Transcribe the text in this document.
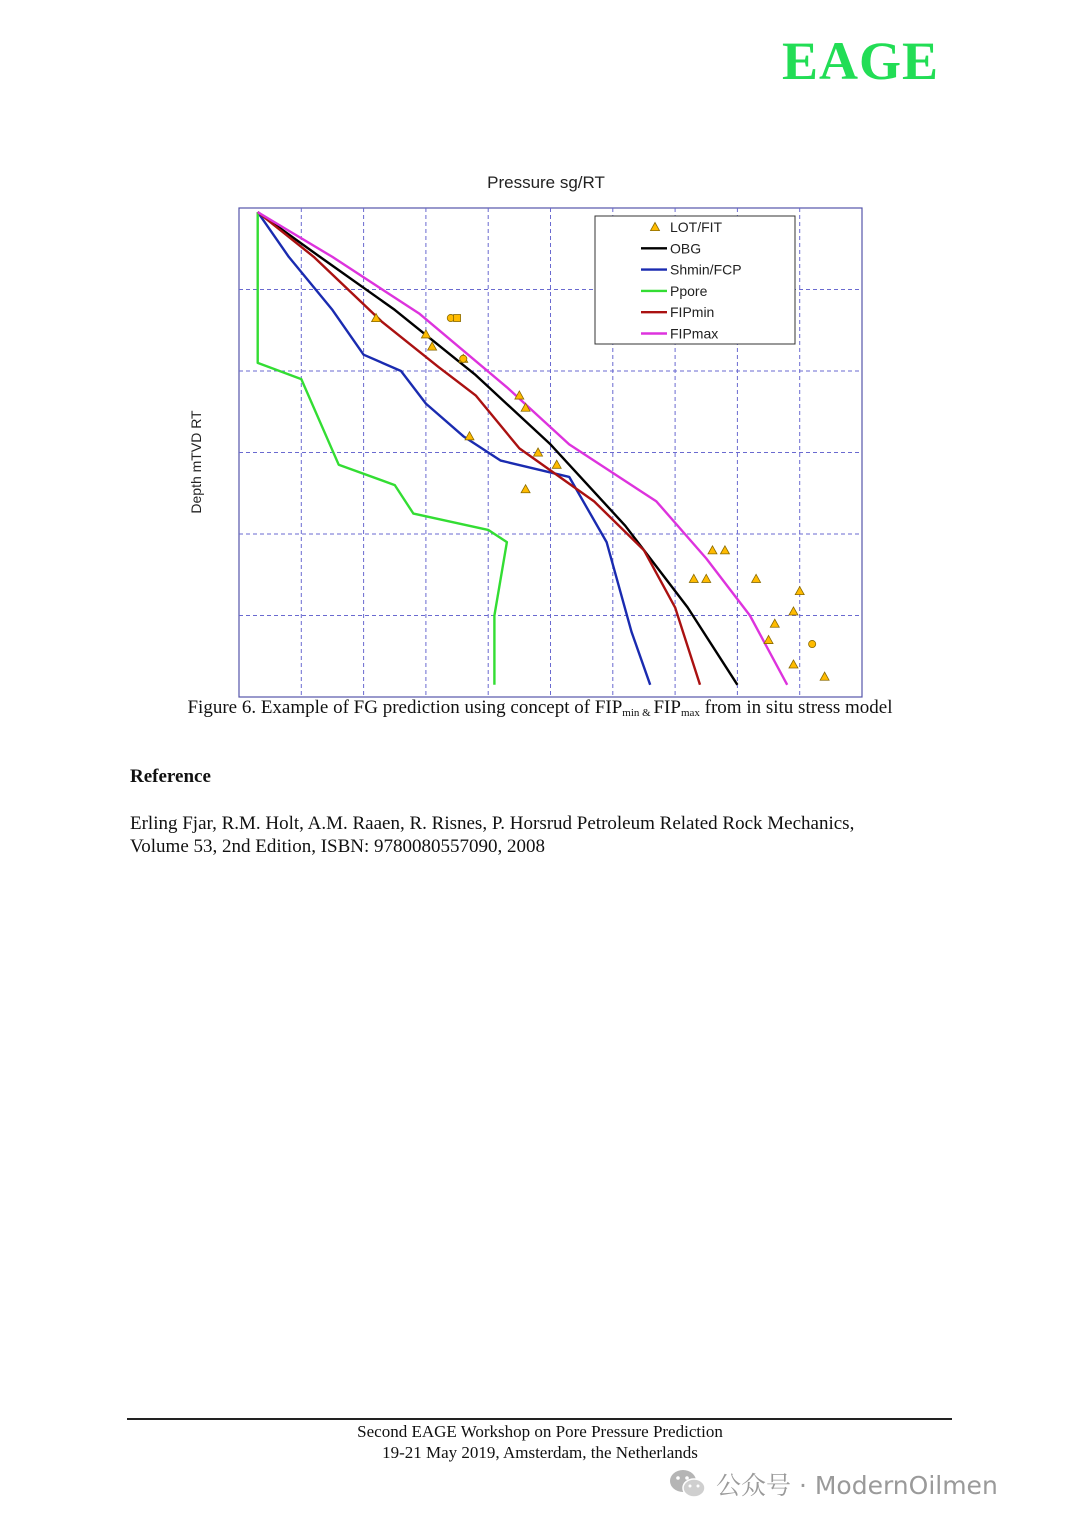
EAGE
Pressure sg/RT
Depth mTVD RT
LOT/FIT
OBG
Shmin/FCP
Ppore
FIPmin
FIPmax
Figure 6. Example of FG prediction using concept of $FIP_{min \&}$ $FIP_{max}$ from in situ stress model
Reference
Erling Fjar, R.M. Holt, A.M. Raaen, R. Risnes, P. Horsrud Petroleum Related Rock Mechanics,
Volume 53, 2nd Edition, ISBN: 9780080557090, 2008
Second EAGE Workshop on Pore Pressure Prediction
19-21 May 2019, Amsterdam, the Netherlands
公众号 · ModernOilmen
